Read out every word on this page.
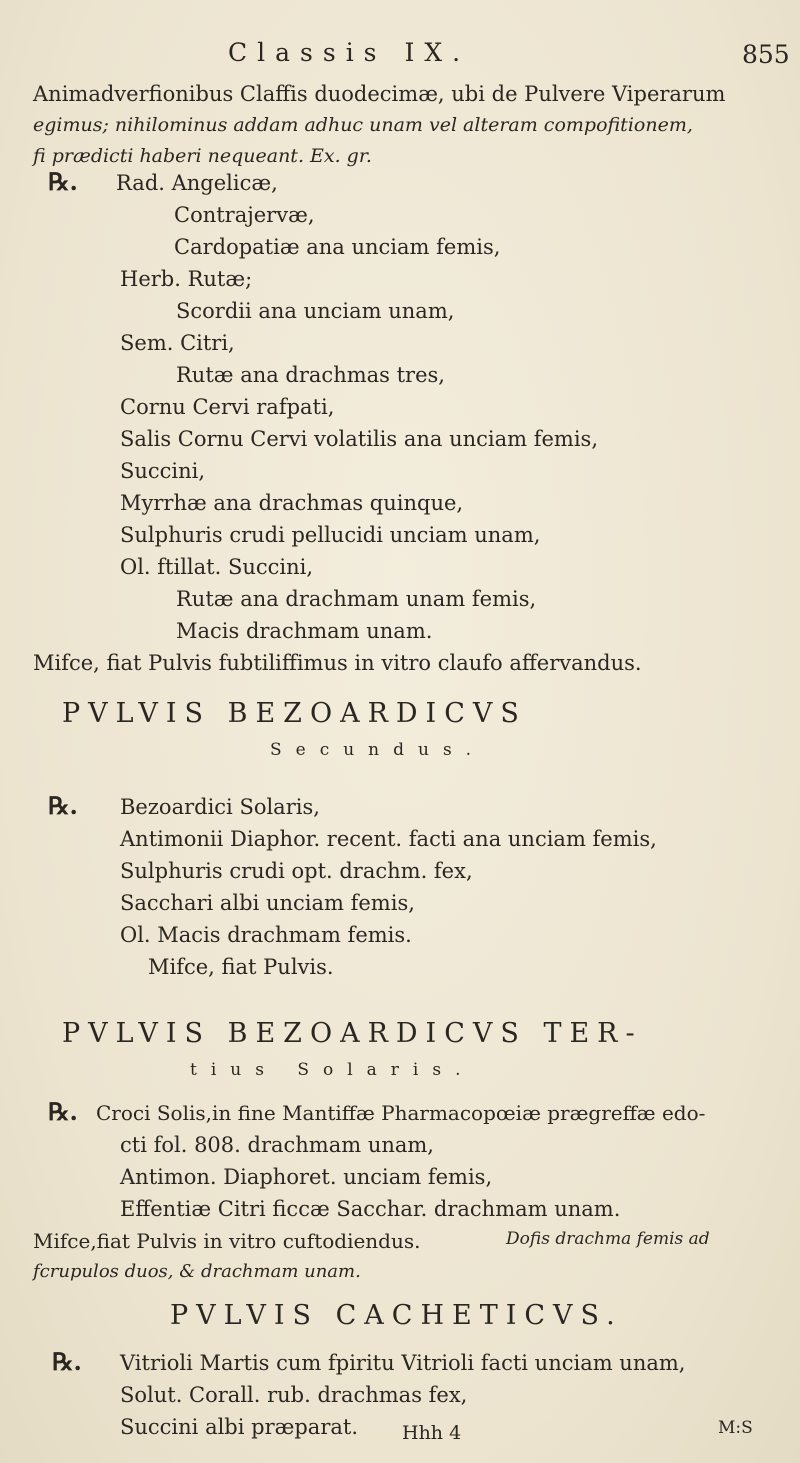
Classis IX.	855
Animadverfionibus Claffis duodecimæ, ubi de Pulvere Viperarum
egimus; nihilominus addam adhuc unam vel alteram compofitionem,
fi prædicti haberi nequeant. Ex. gr.
℞. Rad. Angelicæ,
Contrajervæ,
Cardopatiæ ana unciam femis,
Herb. Rutæ;
Scordii ana unciam unam,
Sem. Citri,
Rutæ ana drachmas tres,
Cornu Cervi rafpati,
Salis Cornu Cervi volatilis ana unciam femis,
Succini,
Myrrhæ ana drachmas quinque,
Sulphuris crudi pellucidi unciam unam,
Ol. ftillat. Succini,
Rutæ ana drachmam unam femis,
Macis drachmam unam.
Mifce, fiat Pulvis fubtiliffimus in vitro claufo affervandus.
PVLVIS BEZOARDICVS
Secundus.
℞. Bezoardici Solaris,
Antimonii Diaphor. recent. facti ana unciam femis,
Sulphuris crudi opt. drachm. fex,
Sacchari albi unciam femis,
Ol. Macis drachmam femis.
Mifce, fiat Pulvis.
PVLVIS BEZOARDICVS TER-
tius Solaris.
℞. Croci Solis,in fine Mantiffæ Pharmacopœiæ prægreffæ edo-
cti fol. 808. drachmam unam,
Antimon. Diaphoret. unciam femis,
Effentiæ Citri ficcæ Sacchar. drachmam unam.
Mifce,fiat Pulvis in vitro cuftodiendus.	Dofis drachma femis ad
fcrupulos duos, & drachmam unam.
PVLVIS CACHETICVS.
℞. Vitrioli Martis cum fpiritu Vitrioli facti unciam unam,
Solut. Corall. rub. drachmas fex,
Succini albi præparat. Hhh 4	M:S
